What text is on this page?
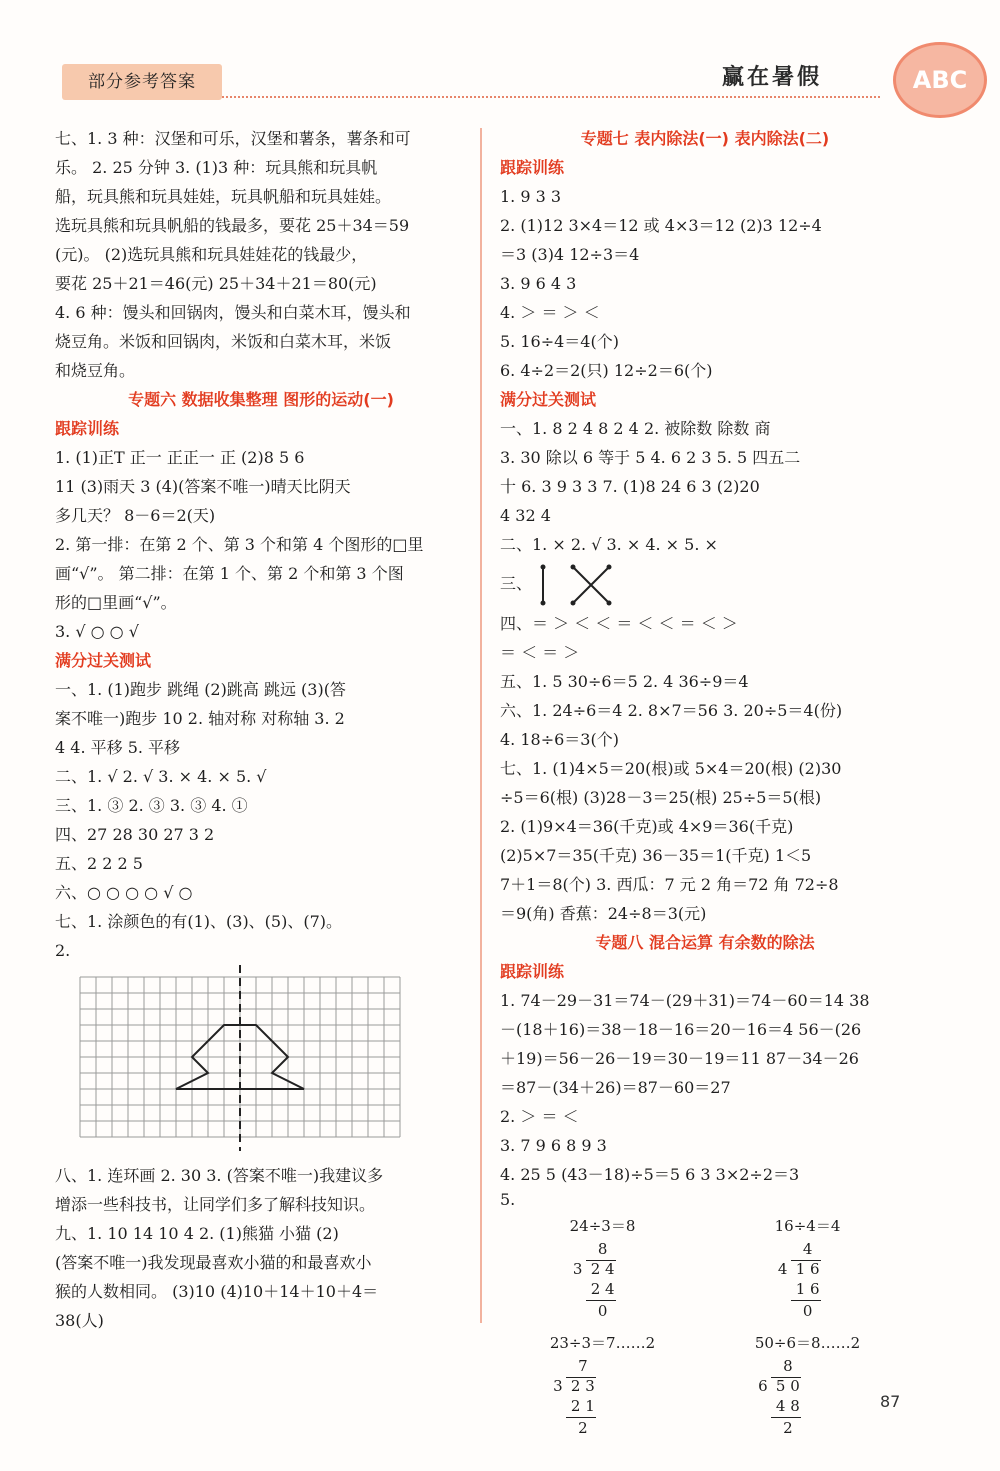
部分参考答案	赢在暑假	ABC
七、1. 3 种：汉堡和可乐，汉堡和薯条，薯条和可
乐。 2. 25 分钟 3. (1)3 种：玩具熊和玩具帆
船，玩具熊和玩具娃娃，玩具帆船和玩具娃娃。
选玩具熊和玩具帆船的钱最多，要花 25＋34＝59
(元)。 (2)选玩具熊和玩具娃娃花的钱最少，
要花 25＋21＝46(元) 25＋34＋21＝80(元)
4. 6 种：馒头和回锅肉，馒头和白菜木耳，馒头和
烧豆角。米饭和回锅肉，米饭和白菜木耳，米饭
和烧豆角。
专题六 数据收集整理 图形的运动(一)
跟踪训练
1. (1)正T 正一 正正一 正 (2)8 5 6
11 (3)雨天 3 (4)(答案不唯一)晴天比阴天
多几天？ 8－6＝2(天)
2. 第一排：在第 2 个、第 3 个和第 4 个图形的□里
画“√”。 第二排：在第 1 个、第 2 个和第 3 个图
形的□里画“√”。
3. √ ○ ○ √
满分过关测试
一、1. (1)跑步 跳绳 (2)跳高 跳远 (3)(答
案不唯一)跑步 10 2. 轴对称 对称轴 3. 2
4 4. 平移 5. 平移
二、1. √ 2. √ 3. × 4. × 5. √
三、1. ③ 2. ③ 3. ③ 4. ①
四、27 28 30 27 3 2
五、2 2 2 5
六、○ ○ ○ ○ √ ○
七、1. 涂颜色的有(1)、(3)、(5)、(7)。
2.
八、1. 连环画 2. 30 3. (答案不唯一)我建议多
增添一些科技书，让同学们多了解科技知识。
九、1. 10 14 10 4 2. (1)熊猫 小猫 (2)
(答案不唯一)我发现最喜欢小猫的和最喜欢小
猴的人数相同。 (3)10 (4)10＋14＋10＋4＝
38(人)
专题七 表内除法(一) 表内除法(二)
跟踪训练
1. 9 3 3
2. (1)12 3×4＝12 或 4×3＝12 (2)3 12÷4
＝3 (3)4 12÷3＝4
3. 9 6 4 3
4. ＞ ＝ ＞ ＜
5. 16÷4＝4(个)
6. 4÷2＝2(只) 12÷2＝6(个)
满分过关测试
一、1. 8 2 4 8 2 4 2. 被除数 除数 商
3. 30 除以 6 等于 5 4. 6 2 3 5. 5 四五二
十 6. 3 9 3 3 7. (1)8 24 6 3 (2)20
4 32 4
二、1. × 2. √ 3. × 4. × 5. ×
三、
四、＝ ＞ ＜ ＜ ＝ ＜ ＜ ＝ ＜ ＞
＝ ＜ ＝ ＞
五、1. 5 30÷6＝5 2. 4 36÷9＝4
六、1. 24÷6＝4 2. 8×7＝56 3. 20÷5＝4(份)
4. 18÷6＝3(个)
七、1. (1)4×5＝20(根)或 5×4＝20(根) (2)30
÷5＝6(根) (3)28－3＝25(根) 25÷5＝5(根)
2. (1)9×4＝36(千克)或 4×9＝36(千克)
(2)5×7＝35(千克) 36－35＝1(千克) 1＜5
7＋1＝8(个) 3. 西瓜：7 元 2 角＝72 角 72÷8
＝9(角) 香蕉：24÷8＝3(元)
专题八 混合运算 有余数的除法
跟踪训练
1. 74－29－31＝74－(29＋31)＝74－60＝14 38
－(18＋16)＝38－18－16＝20－16＝4 56－(26
＋19)＝56－26－19＝30－19＝11 87－34－26
＝87－(34＋26)＝87－60＝27
2. ＞ ＝ ＜
3. 7 9 6 8 9 3
4. 25 5 (43－18)÷5＝5 6 3 3×2÷2＝3
5.
24÷3＝8
8
3 2 4
2 4
0
16÷4＝4
4
4 1 6
1 6
0
23÷3＝7……2
7
3 2 3
2 1
2
50÷6＝8……2
8
6 5 0
4 8
2
87
